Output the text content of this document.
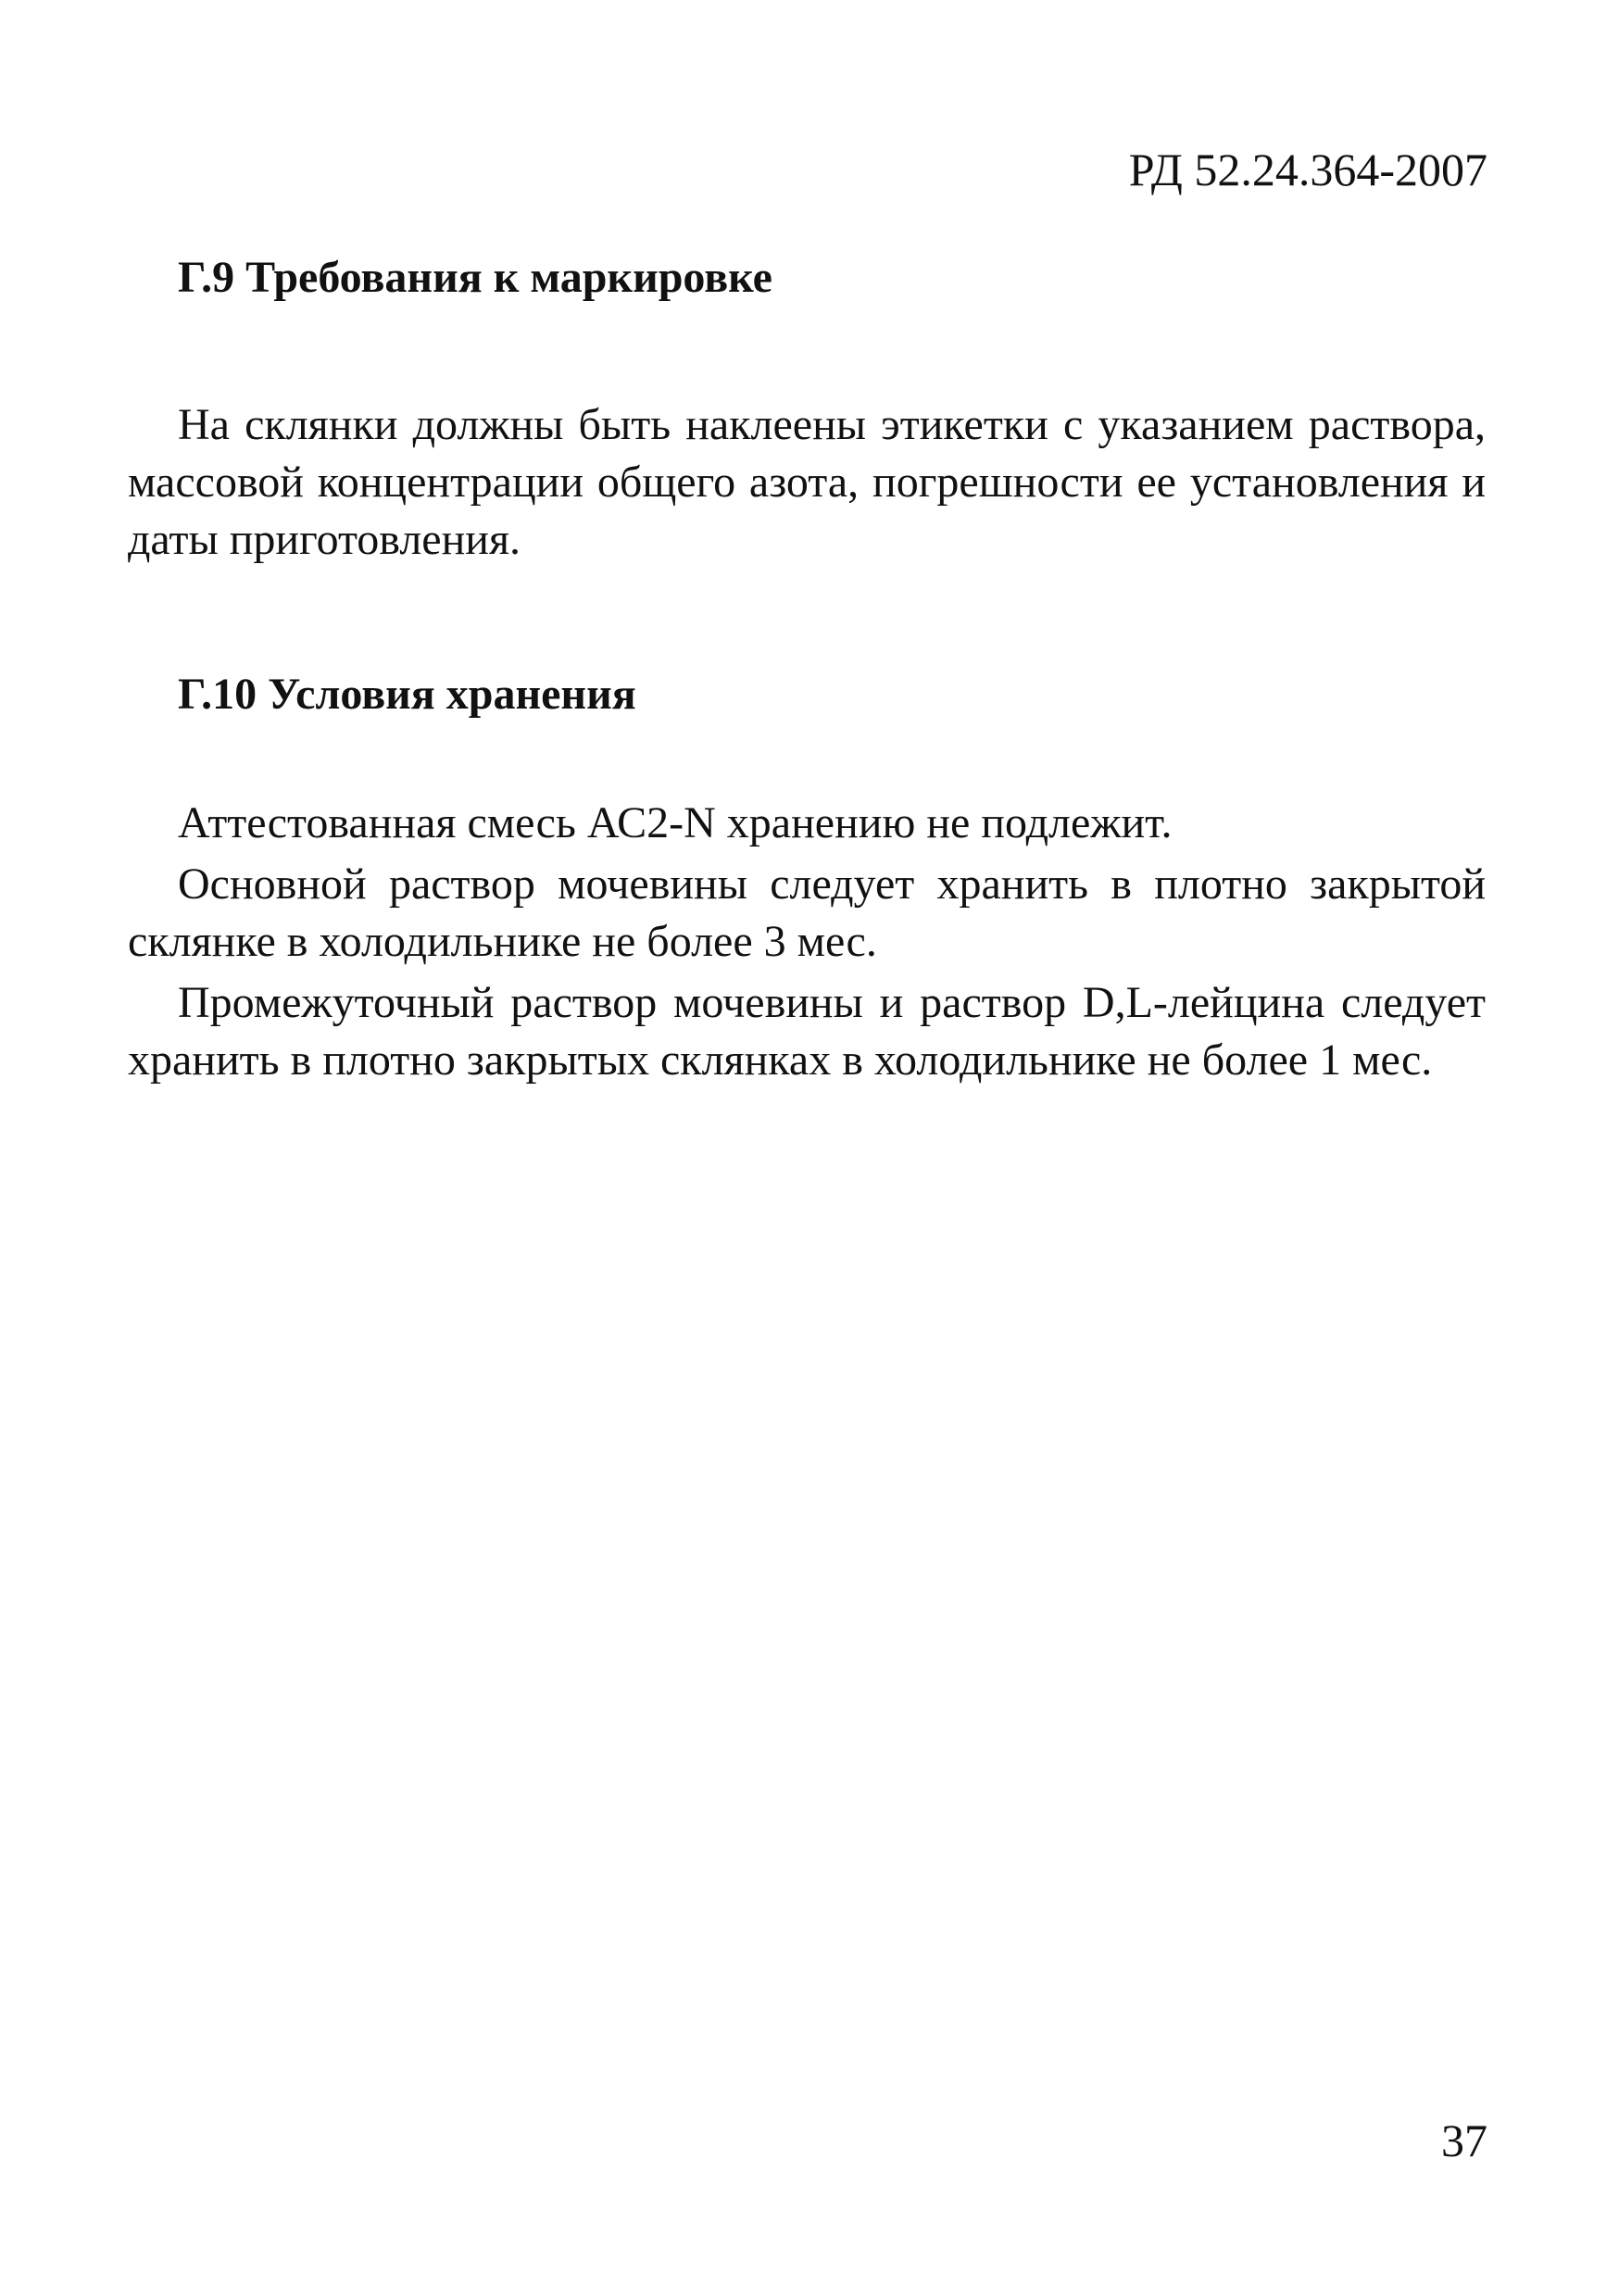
РД 52.24.364-2007
Г.9 Требования к маркировке

На склянки должны быть наклеены этикетки с указанием раствора, массовой концентрации общего азота, погрешности ее установления и даты приготовления.

Г.10 Условия хранения

Аттестованная смесь АС2-N хранению не подлежит.

Основной раствор мочевины следует хранить в плотно закрытой склянке в холодильнике не более 3 мес.

Промежуточный раствор мочевины и раствор D,L-лейцина следует хранить в плотно закрытых склянках в холодильнике не более 1 мес.

37
